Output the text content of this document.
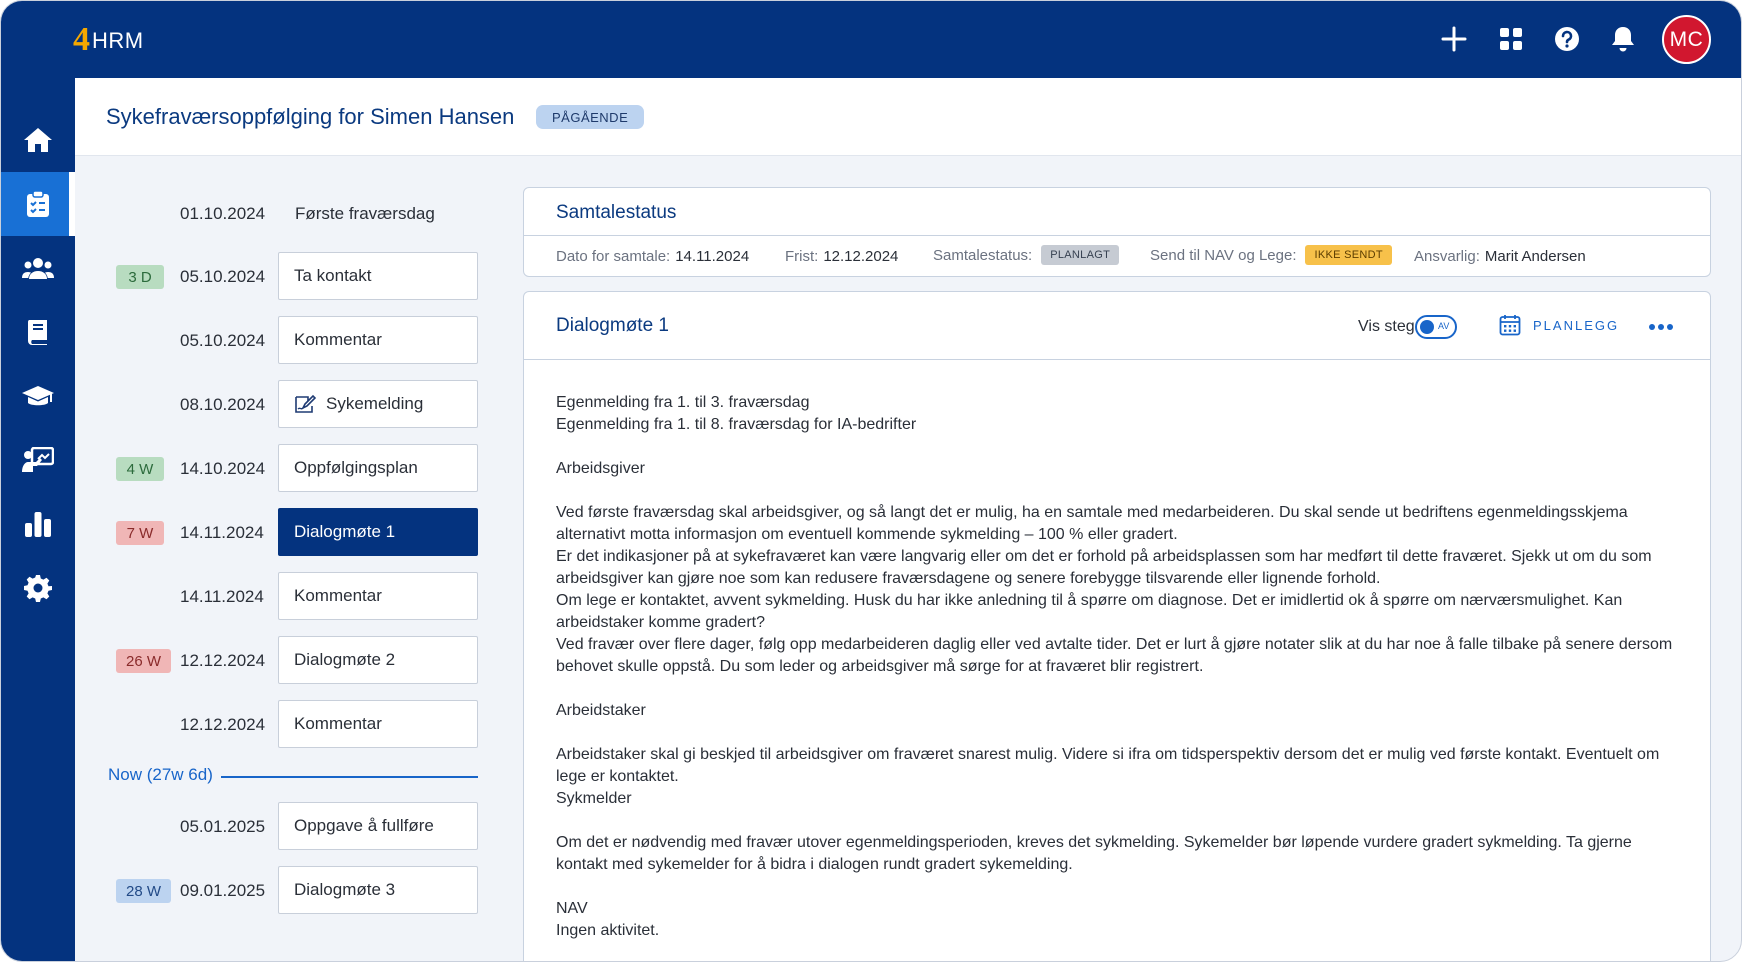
4 HRM	MC
Sykefraværsoppfølging for Simen Hansen	PÅGÅENDE
01.10.2024 Første fraværsdag
3 D	05.10.2024	Ta kontakt
05.10.2024	Kommentar
08.10.2024	Sykemelding
4 W	14.10.2024	Oppfølgingsplan
7 W	14.11.2024	Dialogmøte 1
14.11.2024	Kommentar
26 W	12.12.2024	Dialogmøte 2
12.12.2024	Kommentar
Now (27w 6d)
05.01.2025	Oppgave å fullføre
28 W	09.01.2025	Dialogmøte 3
Samtalestatus
Dato for samtale: 14.11.2024 Frist: 12.12.2024 Samtalestatus:	PLANLAGT	Send til NAV og Lege:	IKKE SENDT	Ansvarlig: Marit Andersen
Dialogmøte 1	Vis steg	AV	PLANLEGG

Egenmelding fra 1. til 3. fraværsdag

Egenmelding fra 1. til 8. fraværsdag for IA-bedrifter

Arbeidsgiver

Ved første fraværsdag skal arbeidsgiver, og så langt det er mulig, ha en samtale med medarbeideren. Du skal sende ut bedriftens egenmeldingsskjema alternativt motta informasjon om eventuell kommende sykmelding – 100 % eller gradert.

Er det indikasjoner på at sykefraværet kan være langvarig eller om det er forhold på arbeidsplassen som har medført til dette fraværet. Sjekk ut om du som arbeidsgiver kan gjøre noe som kan redusere fraværsdagene og senere forebygge tilsvarende eller lignende forhold.

Om lege er kontaktet, avvent sykmelding. Husk du har ikke anledning til å spørre om diagnose. Det er imidlertid ok å spørre om nærværsmulighet. Kan arbeidstaker komme gradert?

Ved fravær over flere dager, følg opp medarbeideren daglig eller ved avtalte tider. Det er lurt å gjøre notater slik at du har noe å falle tilbake på senere dersom behovet skulle oppstå. Du som leder og arbeidsgiver må sørge for at fraværet blir registrert.

Arbeidstaker

Arbeidstaker skal gi beskjed til arbeidsgiver om fraværet snarest mulig. Videre si ifra om tidsperspektiv dersom det er mulig ved første kontakt. Eventuelt om lege er kontaktet.

Sykmelder

Om det er nødvendig med fravær utover egenmeldingsperioden, kreves det sykmelding. Sykemelder bør løpende vurdere gradert sykmelding. Ta gjerne kontakt med sykemelder for å bidra i dialogen rundt gradert sykemelding.

NAV

Ingen aktivitet.
